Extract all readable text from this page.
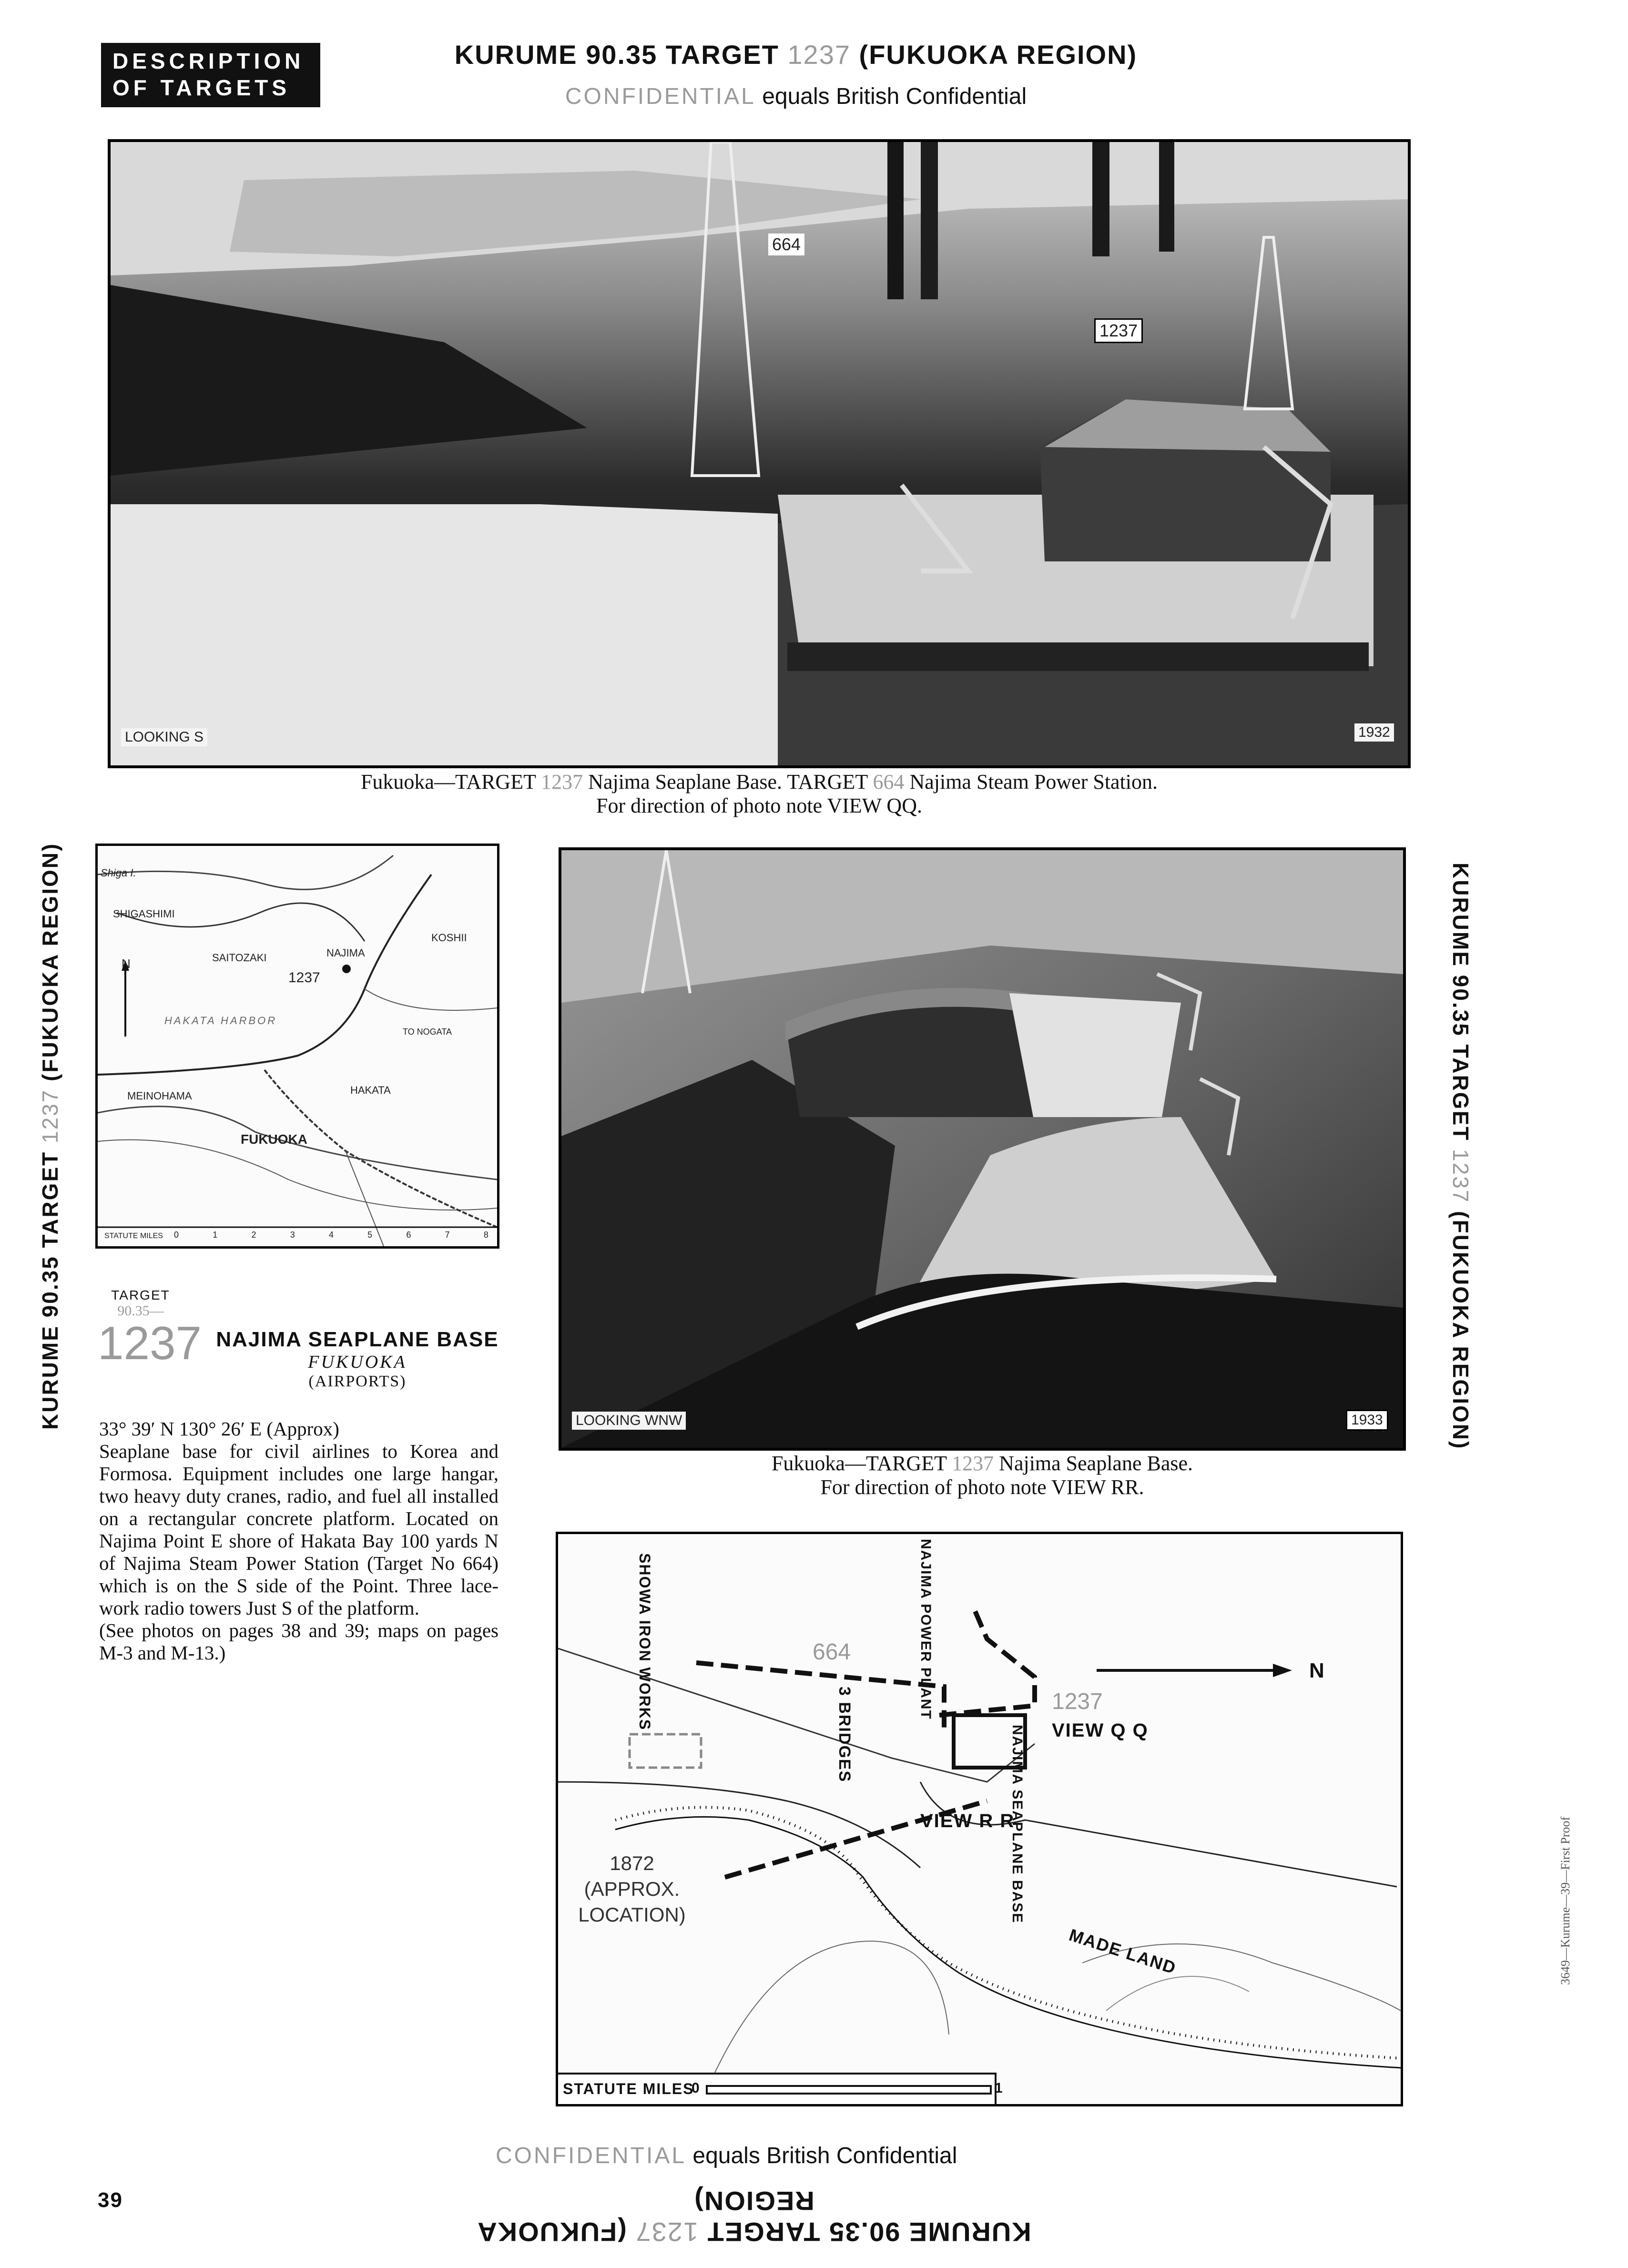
DESCRIPTION
OF TARGETS
KURUME 90.35 TARGET 1237 (FUKUOKA REGION)
CONFIDENTIAL equals British Confidential
664
1237
LOOKING S	1932
Fukuoka—TARGET 1237 Najima Seaplane Base. TARGET 664 Najima Steam Power Station.
For direction of photo note VIEW QQ.
Shiga I.
SHIGASHIMI
KOSHII
SAITOZAKI	NAJIMA
1237
HAKATA HARBOR
TO NOGATA
MEINOHAMA	HAKATA
FUKUOKA
N
STATUTE MILES 0	1	2	3	4	5	6	7	8
TARGET
90.35—
1237 NAJIMA SEAPLANE BASE
FUKUOKA
(AIRPORTS)
33° 39′ N 130° 26′ E (Approx)
Seaplane base for civil airlines to Korea and Formosa. Equipment includes one large hangar, two heavy duty cranes, radio, and fuel all installed on a rectangular concrete platform. Located on Najima Point E shore of Hakata Bay 100 yards N of Najima Steam Power Station (Target No 664) which is on the S side of the Point. Three lace-work radio towers Just S of the platform.
(See photos on pages 38 and 39; maps on pages M-3 and M-13.)
LOOKING WNW	1933
Fukuoka—TARGET 1237 Najima Seaplane Base.
For direction of photo note VIEW RR.
SHOWA IRON WORKS	NAJIMA POWER PLANT
664
1237
3 BRIDGES	VIEW Q Q
VIEW R R
NAJIMA SEAPLANE BASE
N
1872
(APPROX.
LOCATION)
MADE LAND
STATUTE MILES
0	1
KURUME 90.35 TARGET 1237 (FUKUOKA REGION)	KURUME 90.35 TARGET 1237 (FUKUOKA REGION)
3649—Kurume—39—First Proof
CONFIDENTIAL equals British Confidential
39
KURUME 90.35 TARGET 1237 (FUKUOKA REGION)
